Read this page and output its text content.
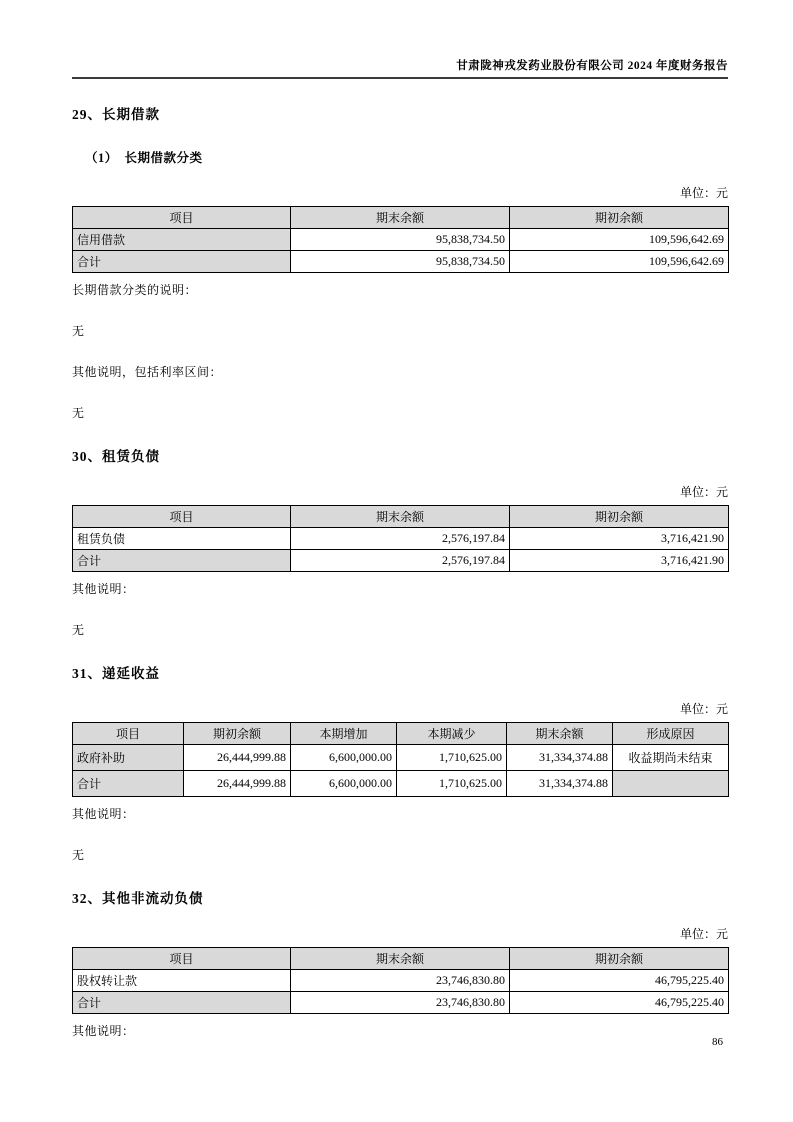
甘肃陇神戎发药业股份有限公司 2024 年度财务报告
29、长期借款
（1）　长期借款分类
单位：元
项目	期末余额	期初余额
信用借款	95,838,734.50	109,596,642.69
合计	95,838,734.50	109,596,642.69
长期借款分类的说明：
无
其他说明，包括利率区间：
无
30、租赁负债
单位：元
项目	期末余额	期初余额
租赁负债	2,576,197.84	3,716,421.90
合计	2,576,197.84	3,716,421.90
其他说明：
无
31、递延收益
单位：元
项目	期初余额	本期增加	本期减少	期末余额	形成原因
政府补助	26,444,999.88	6,600,000.00	1,710,625.00	31,334,374.88	收益期尚未结束
合计	26,444,999.88	6,600,000.00	1,710,625.00	31,334,374.88	
其他说明：
无
32、其他非流动负债
单位：元
项目	期末余额	期初余额
股权转让款	23,746,830.80	46,795,225.40
合计	23,746,830.80	46,795,225.40
其他说明：
86
